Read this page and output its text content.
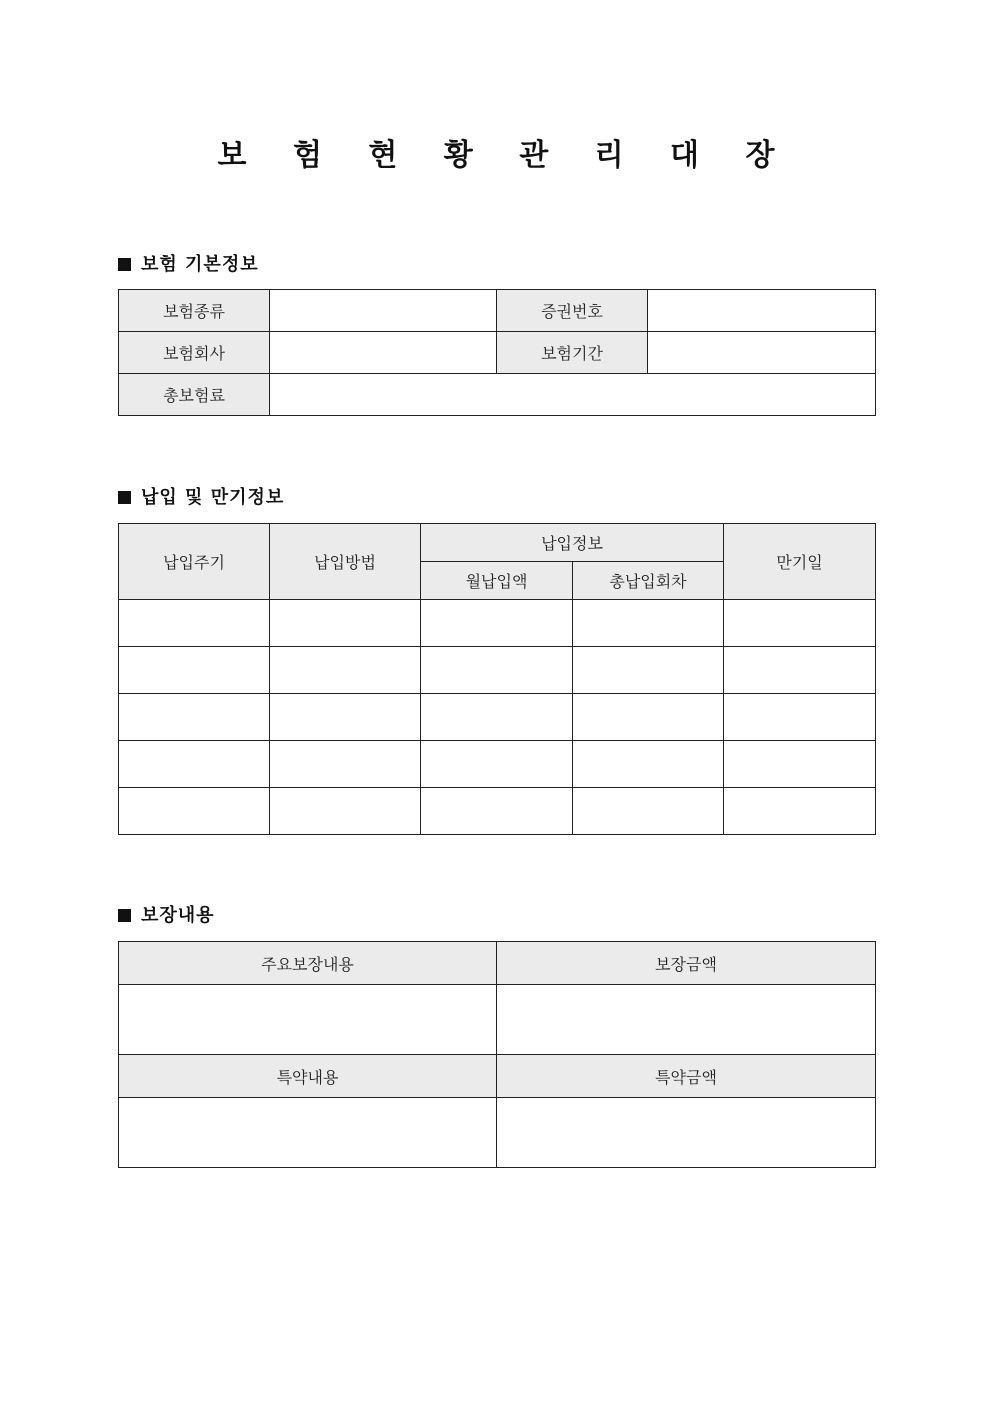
보 험 현 황 관 리 대 장
보험 기본정보
보험종류		증권번호	
보험회사		보험기간	
총보험료			
납입 및 만기정보
납입주기	납입방법	납입정보		만기일
		월납입액	총납입회차	

보장내용
주요보장내용	보장금액

특약내용	특약금액
